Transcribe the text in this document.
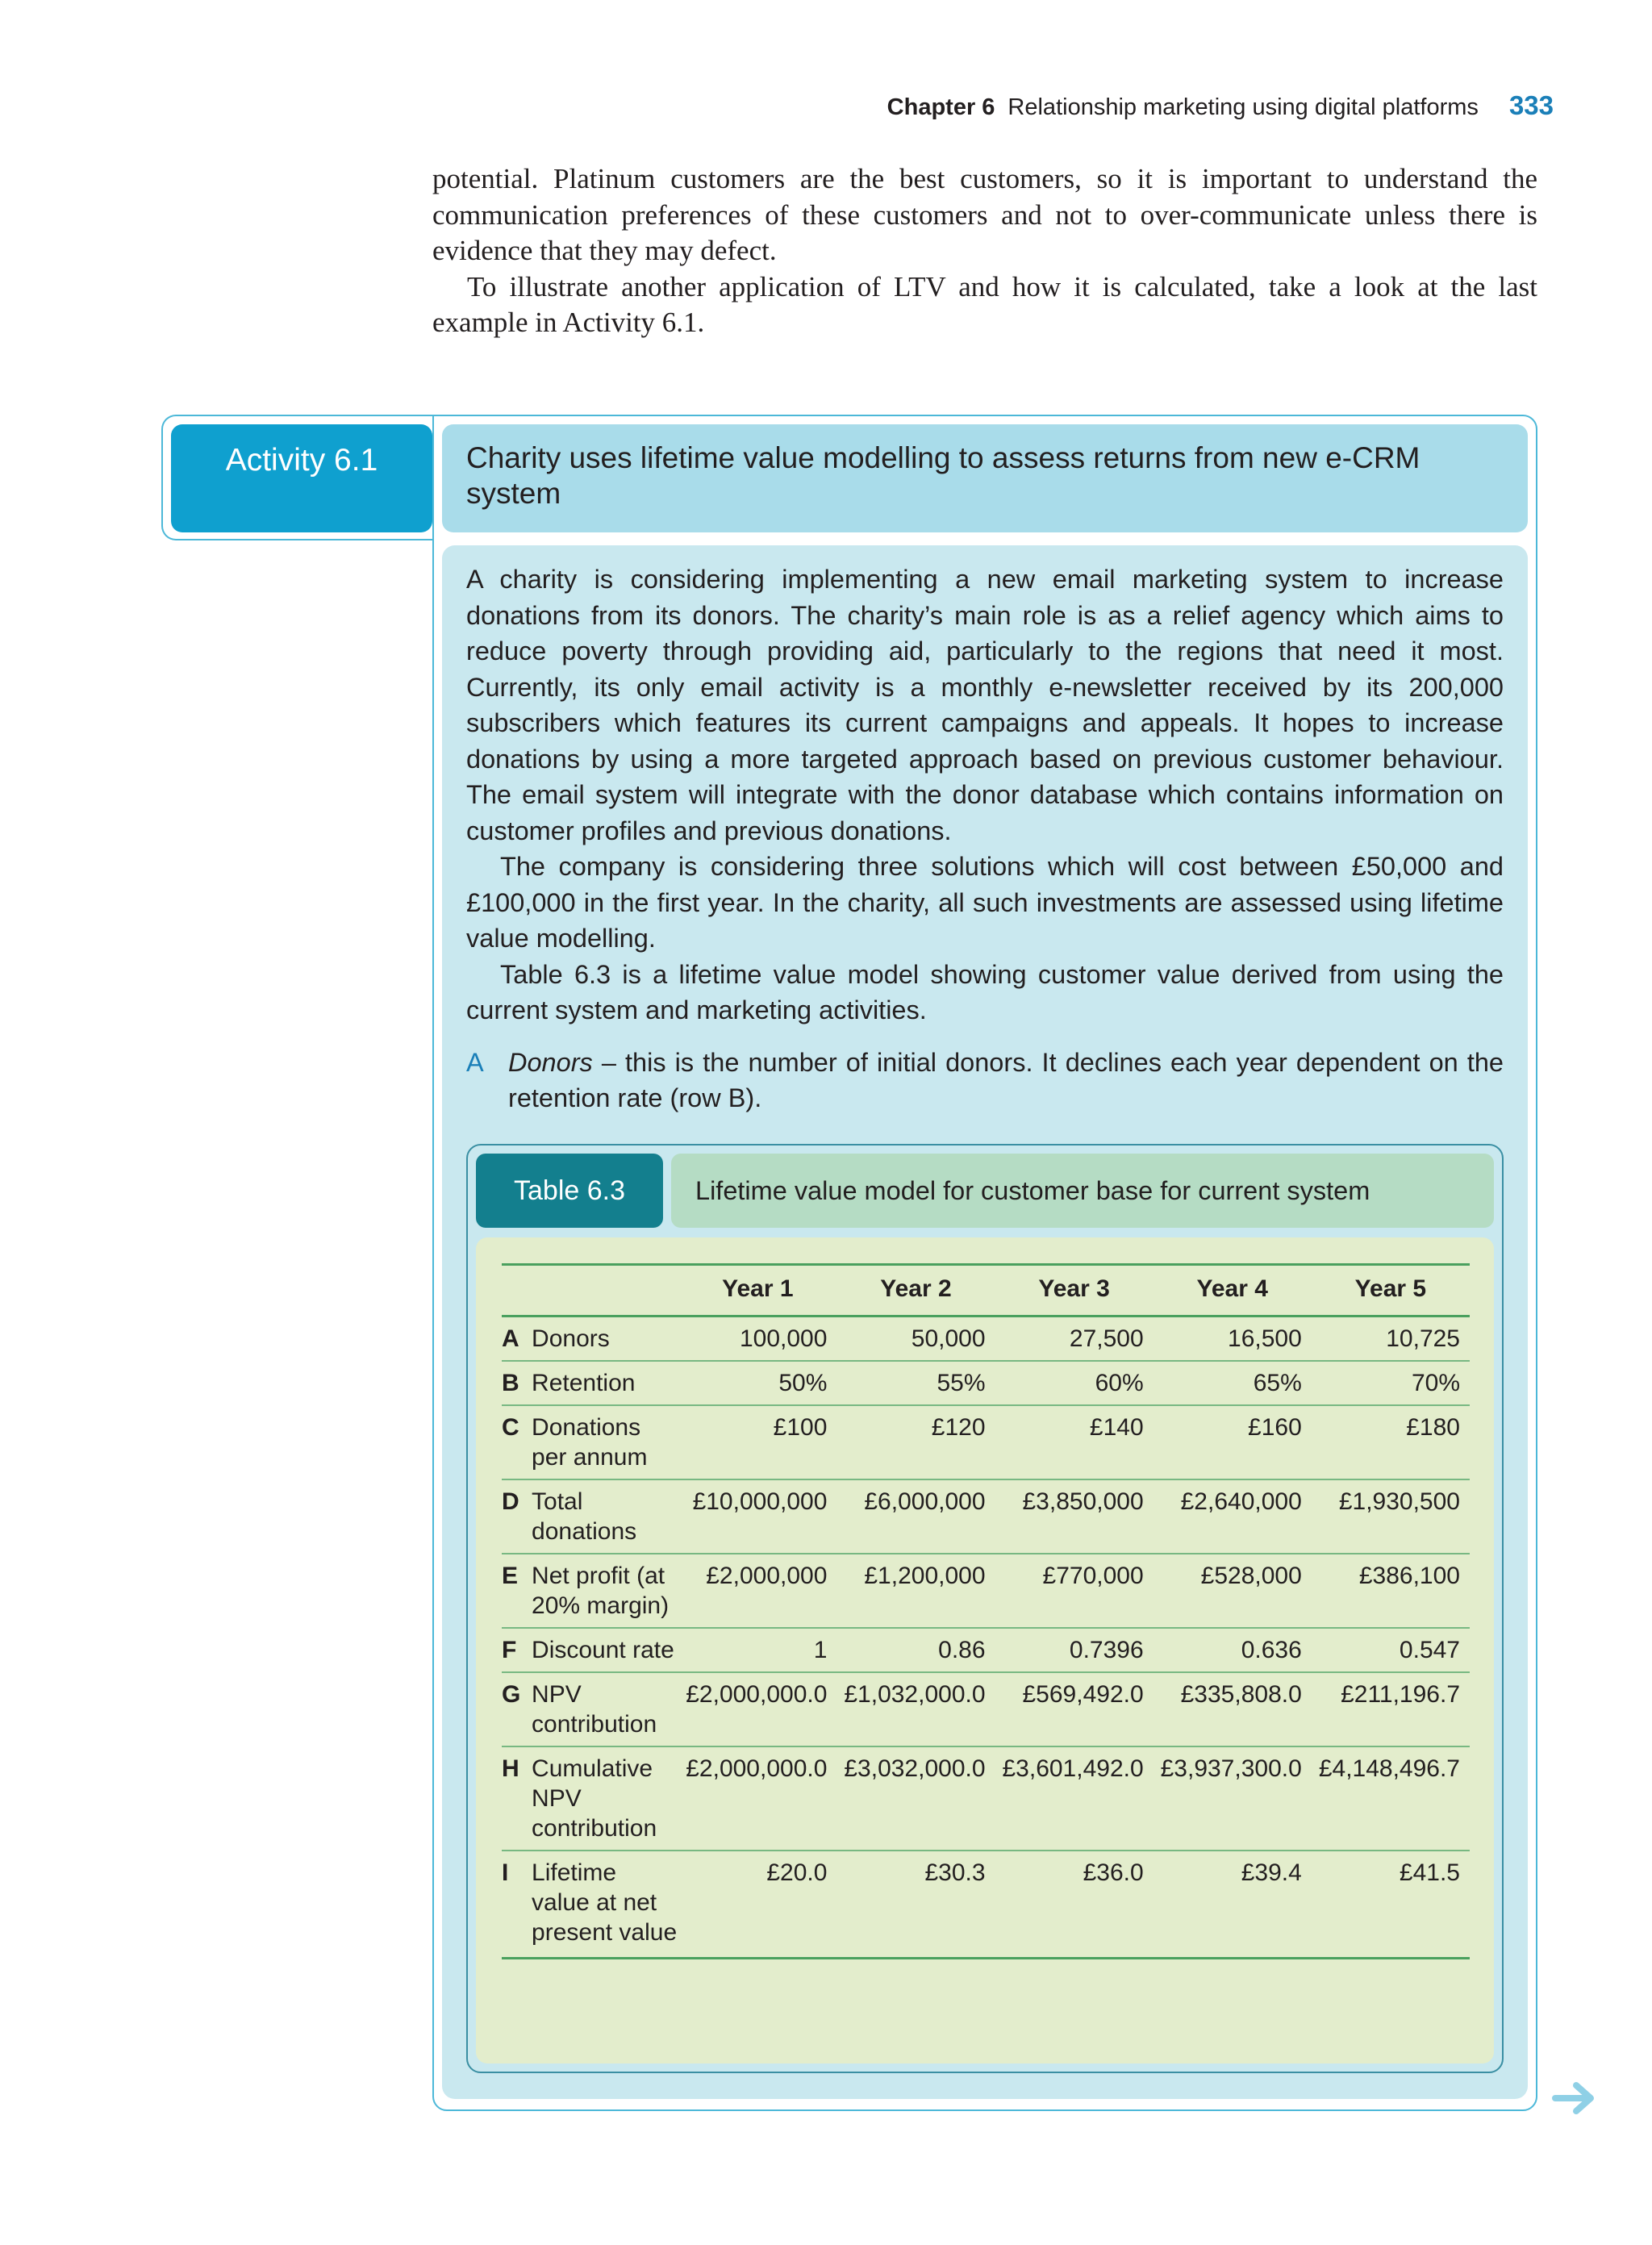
Chapter 6 Relationship marketing using digital platforms 333

potential. Platinum customers are the best customers, so it is important to understand the communication preferences of these customers and not to over-communicate unless there is evidence that they may defect.

To illustrate another application of LTV and how it is calculated, take a look at the last example in Activity 6.1.

Activity 6.1	Charity uses lifetime value modelling to assess returns from new e-CRM system

A charity is considering implementing a new email marketing system to increase donations from its donors. The charity’s main role is as a relief agency which aims to reduce poverty through providing aid, particularly to the regions that need it most. Currently, its only email activity is a monthly e-newsletter received by its 200,000 subscribers which features its current campaigns and appeals. It hopes to increase donations by using a more targeted approach based on previous customer behaviour. The email system will integrate with the donor database which contains information on customer profiles and previous donations.

The company is considering three solutions which will cost between £50,000 and £100,000 in the first year. In the charity, all such investments are assessed using lifetime value modelling.

Table 6.3 is a lifetime value model showing customer value derived from using the current system and marketing activities.

A Donors – this is the number of initial donors. It declines each year dependent on the retention rate (row B).

Table 6.3	Lifetime value model for customer base for current system
		Year 1	Year 2	Year 3	Year 4	Year 5
A	Donors	100,000	50,000	27,500	16,500	10,725
B	Retention	50%	55%	60%	65%	70%
C	Donations per annum	£100	£120	£140	£160	£180
D	Total donations	£10,000,000	£6,000,000	£3,850,000	£2,640,000	£1,930,500
E	Net profit (at 20% margin)	£2,000,000	£1,200,000	£770,000	£528,000	£386,100
F	Discount rate	1	0.86	0.7396	0.636	0.547
G	NPV contribution	£2,000,000.0	£1,032,000.0	£569,492.0	£335,808.0	£211,196.7
H	Cumulative NPV contribution	£2,000,000.0	£3,032,000.0	£3,601,492.0	£3,937,300.0	£4,148,496.7
I	Lifetime value at net present value	£20.0	£30.3	£36.0	£39.4	£41.5
